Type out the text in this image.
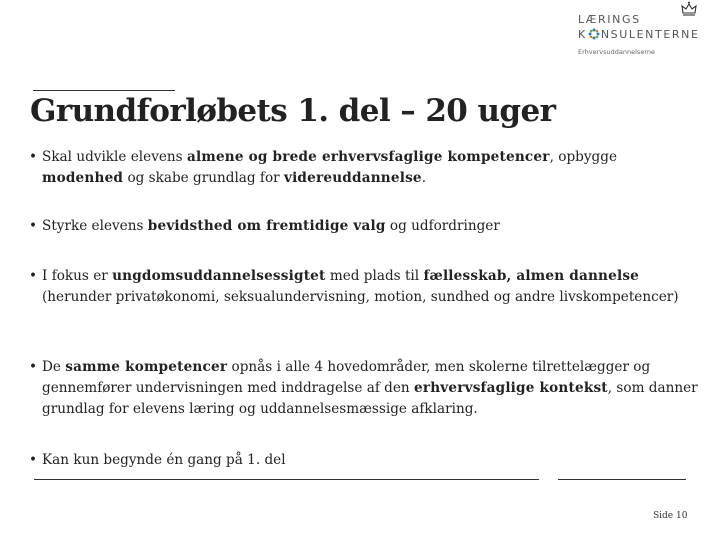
LÆRINGS
K NSULENTERNE
Erhvervsuddannelserne
Grundforløbets 1. del – 20 uger
• Skal udvikle elevens almene og brede erhvervsfaglige kompetencer, opbygge modenhed og skabe grundlag for videreuddannelse.
• Styrke elevens bevidsthed om fremtidige valg og udfordringer
• I fokus er ungdomsuddannelsessigtet med plads til fællesskab, almen dannelse (herunder privatøkonomi, seksualundervisning, motion, sundhed og andre livskompetencer)
• De samme kompetencer opnås i alle 4 hovedområder, men skolerne tilrettelægger og gennemfører undervisningen med inddragelse af den erhvervsfaglige kontekst, som danner grundlag for elevens læring og uddannelsesmæssige afklaring.
• Kan kun begynde én gang på 1. del
Side 10
